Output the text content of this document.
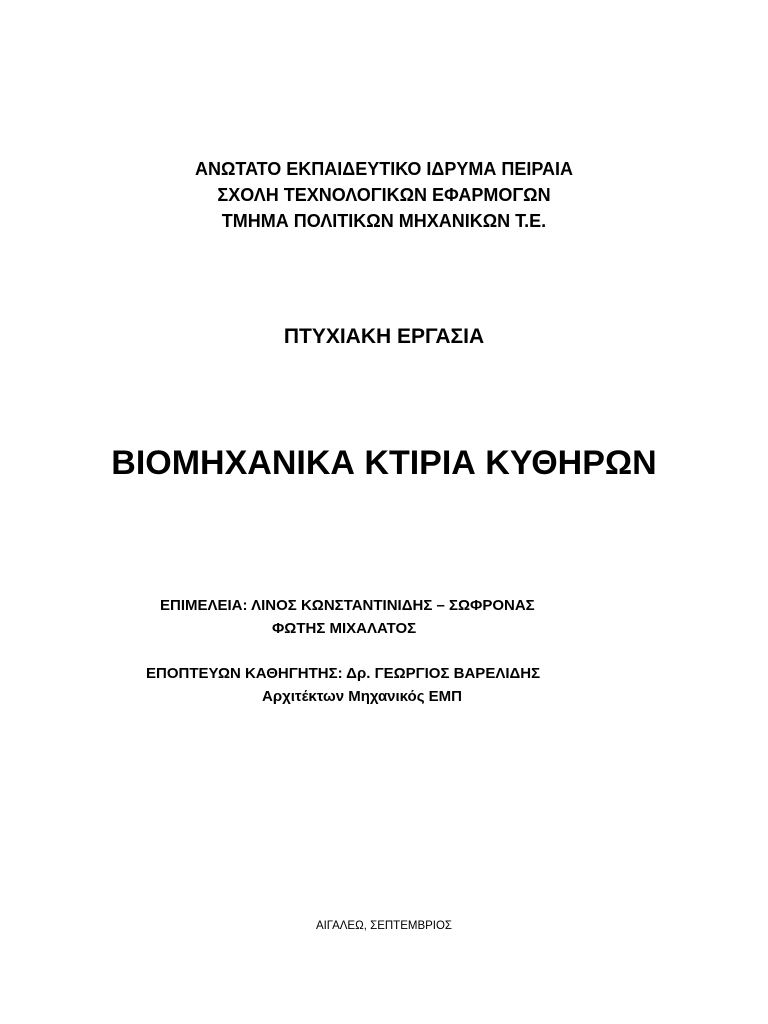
ΑΝΩΤΑΤΟ ΕΚΠΑΙΔΕΥΤΙΚΟ ΙΔΡΥΜΑ ΠΕΙΡΑΙΑ
ΣΧΟΛΗ ΤΕΧΝΟΛΟΓΙΚΩΝ ΕΦΑΡΜΟΓΩΝ
ΤΜΗΜΑ ΠΟΛΙΤΙΚΩΝ ΜΗΧΑΝΙΚΩΝ Τ.Ε.
ΠΤΥΧΙΑΚΗ ΕΡΓΑΣΙΑ
ΒΙΟΜΗΧΑΝΙΚΑ ΚΤΙΡΙΑ ΚΥΘΗΡΩΝ
ΕΠΙΜΕΛΕΙΑ: ΛΙΝΟΣ ΚΩΝΣΤΑΝΤΙΝΙΔΗΣ – ΣΩΦΡΟΝΑΣ
ΦΩΤΗΣ ΜΙΧΑΛΑΤΟΣ
ΕΠΟΠΤΕΥΩΝ ΚΑΘΗΓΗΤΗΣ: Δρ. ΓΕΩΡΓΙΟΣ ΒΑΡΕΛΙΔΗΣ
Αρχιτέκτων Μηχανικός ΕΜΠ
ΑΙΓΑΛΕΩ, ΣΕΠΤΕΜΒΡΙΟΣ
